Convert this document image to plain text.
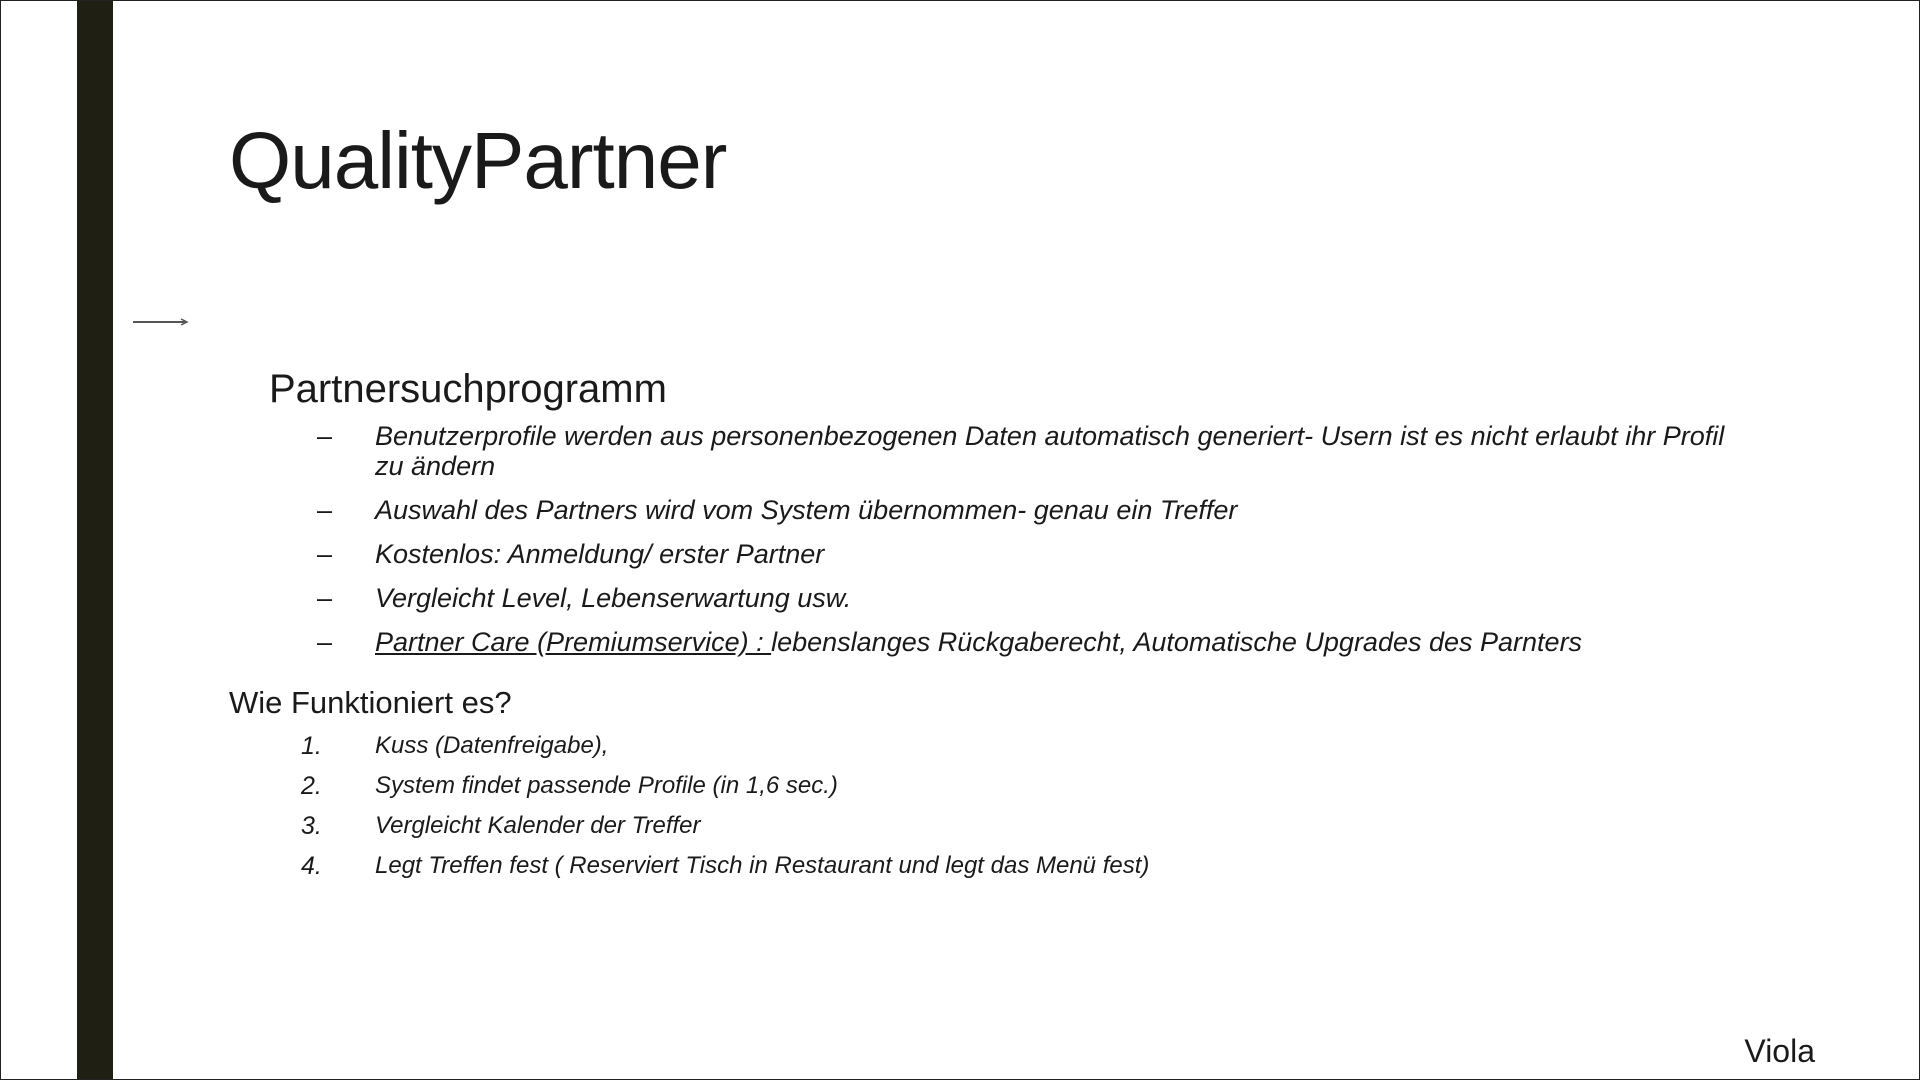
QualityPartner
Partnersuchprogramm
– Benutzerprofile werden aus personenbezogenen Daten automatisch generiert- Usern ist es nicht erlaubt ihr Profil zu ändern
– Auswahl des Partners wird vom System übernommen- genau ein Treffer
– Kostenlos: Anmeldung/ erster Partner
– Vergleicht Level, Lebenserwartung usw.
– Partner Care (Premiumservice) : lebenslanges Rückgaberecht, Automatische Upgrades des Parnters
Wie Funktioniert es?
1. Kuss (Datenfreigabe),
2. System findet passende Profile (in 1,6 sec.)
3. Vergleicht Kalender der Treffer
4. Legt Treffen fest ( Reserviert Tisch in Restaurant und legt das Menü fest)
Viola
